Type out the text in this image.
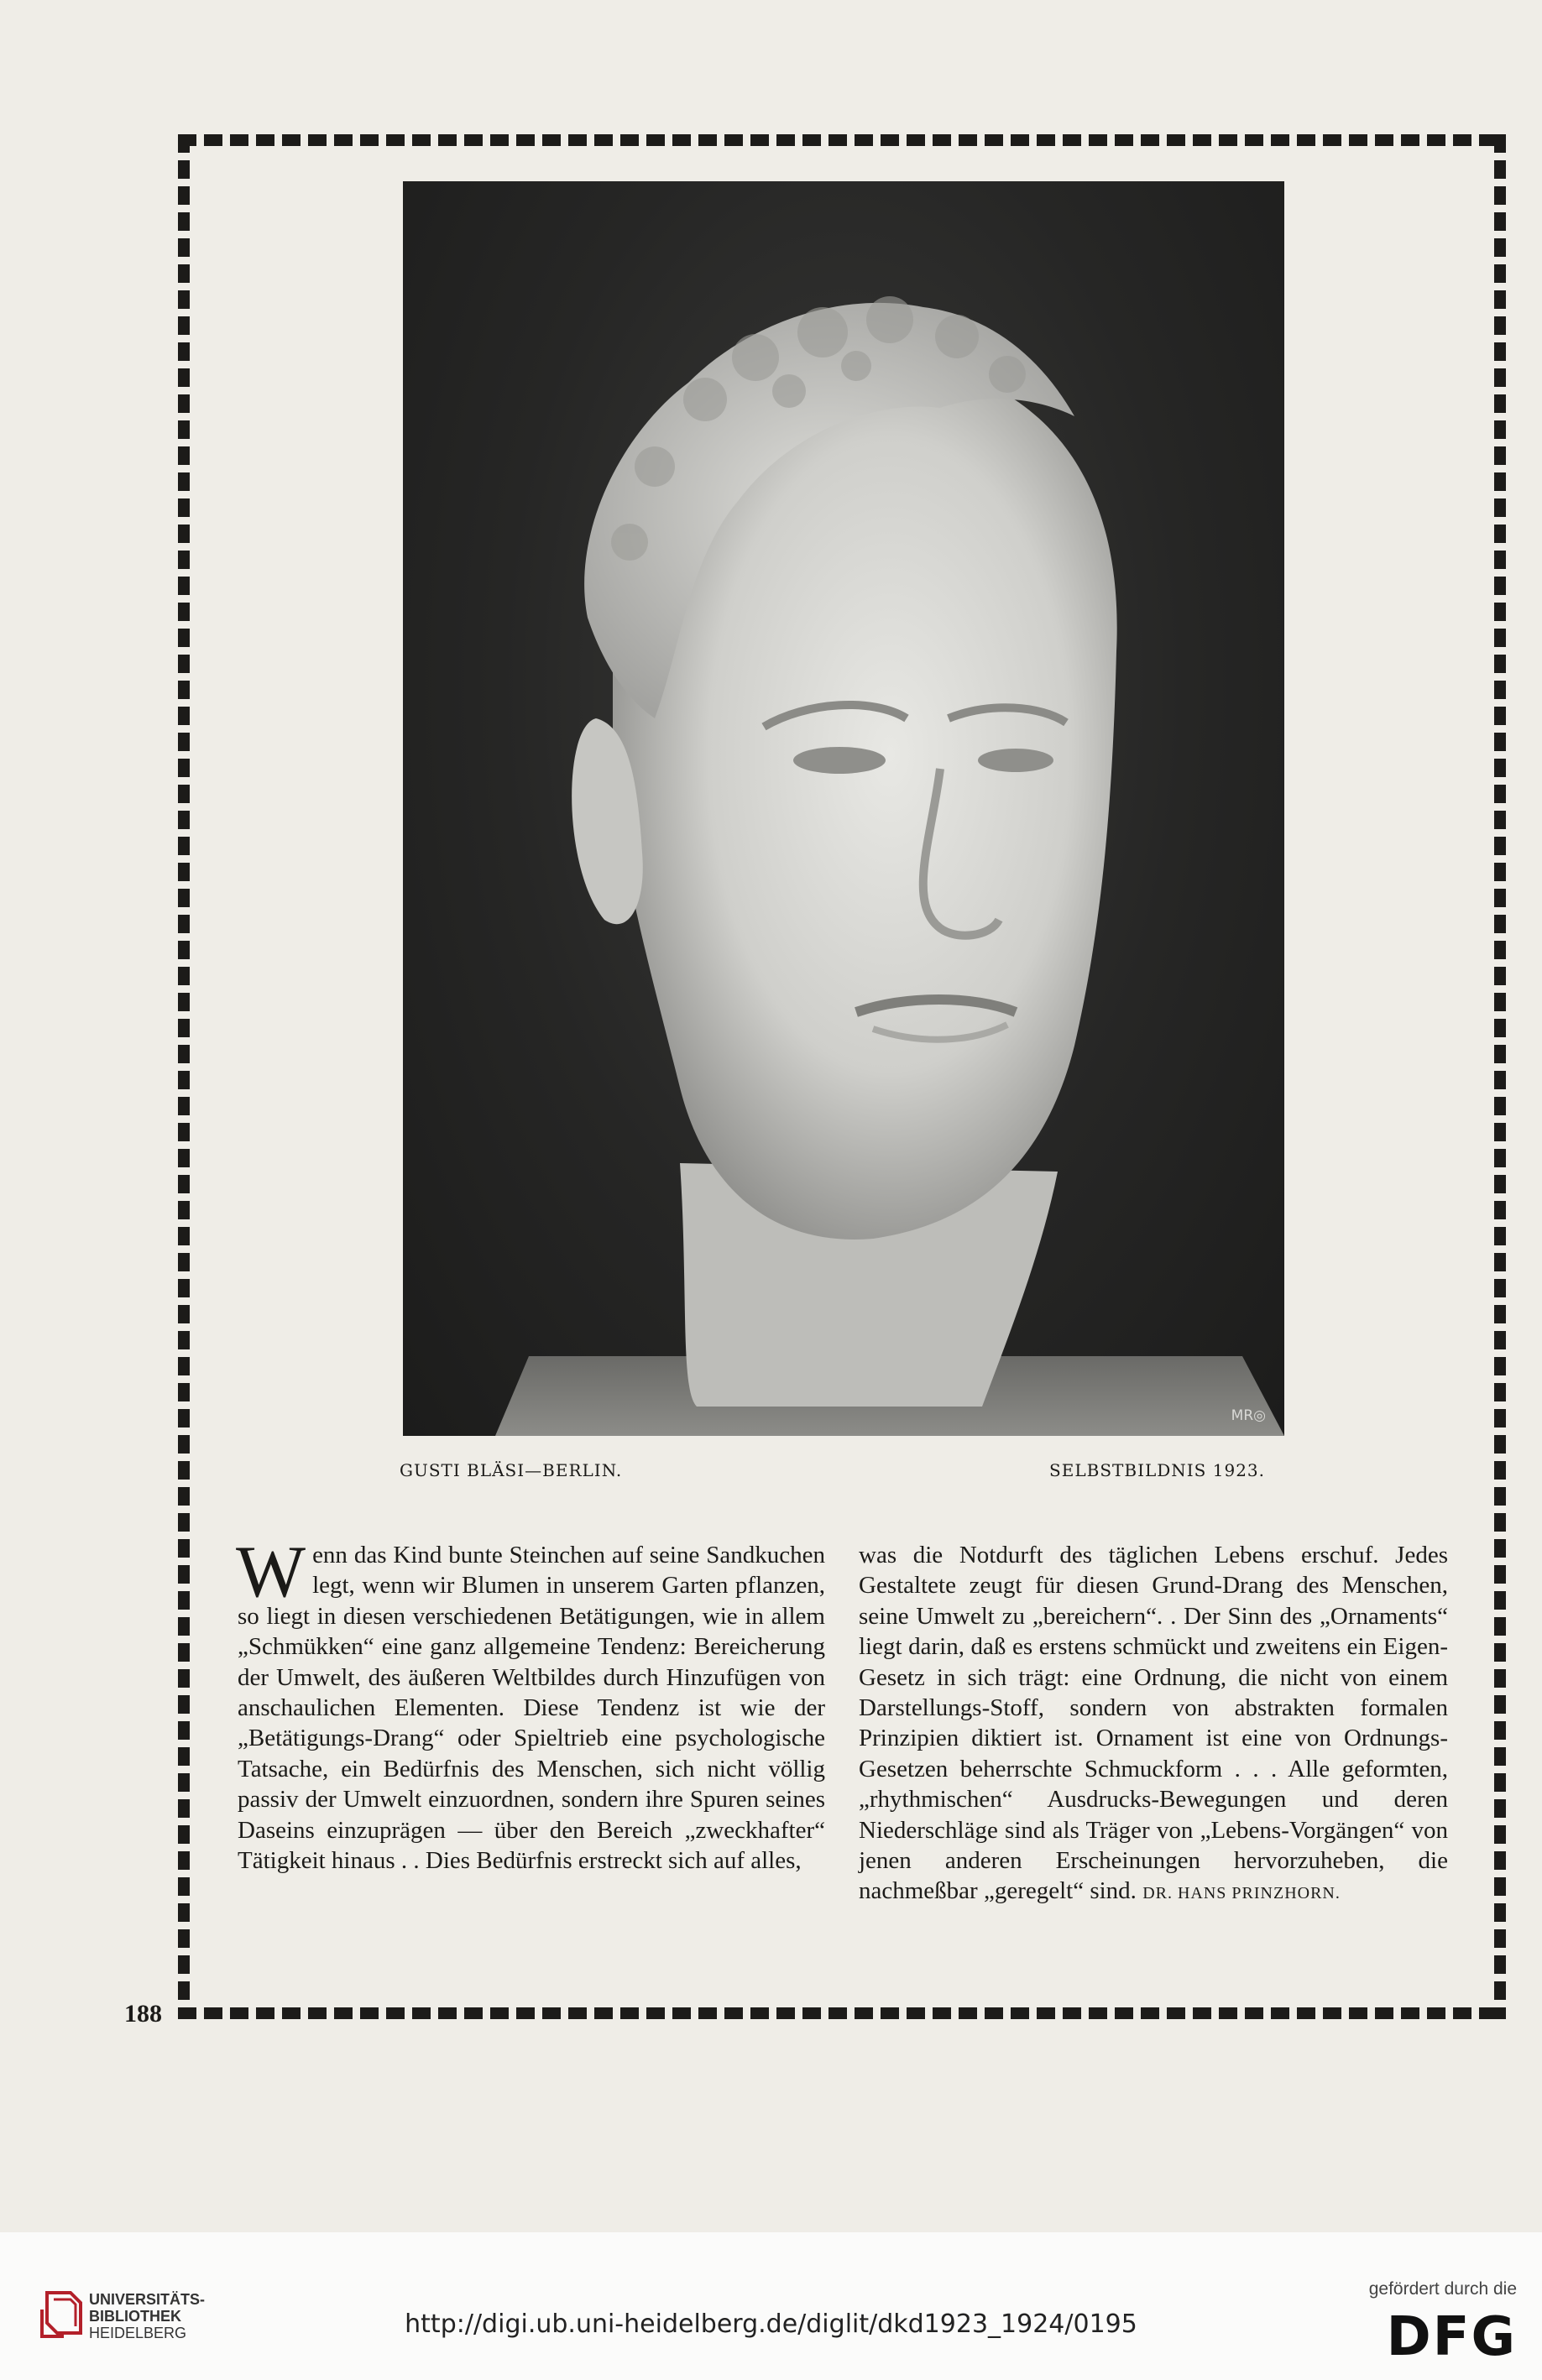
MR◎
GUSTI BLÄSI—BERLIN.	SELBSTBILDNIS 1923.
Wenn das Kind bunte Steinchen auf seine Sandkuchen legt, wenn wir Blumen in unserem Garten pflanzen, so liegt in diesen verschiedenen Betätigungen, wie in allem „Schmükken“ eine ganz allgemeine Tendenz: Bereicherung der Umwelt, des äußeren Weltbildes durch Hinzufügen von anschaulichen Elementen. Diese Tendenz ist wie der „Betätigungs-Drang“ oder Spieltrieb eine psychologische Tatsache, ein Bedürfnis des Menschen, sich nicht völlig passiv der Umwelt einzuordnen, sondern ihre Spuren seines Daseins einzuprägen — über den Bereich „zweckhafter“ Tätigkeit hinaus . . Dies Bedürfnis erstreckt sich auf alles,
was die Notdurft des täglichen Lebens erschuf. Jedes Gestaltete zeugt für diesen Grund-Drang des Menschen, seine Umwelt zu „bereichern“. . Der Sinn des „Ornaments“ liegt darin, daß es erstens schmückt und zweitens ein Eigen-Gesetz in sich trägt: eine Ordnung, die nicht von einem Darstellungs-Stoff, sondern von abstrakten formalen Prinzipien diktiert ist. Ornament ist eine von Ordnungs-Gesetzen beherrschte Schmuckform . . . Alle geformten, „rhythmischen“ Ausdrucks-Bewegungen und deren Niederschläge sind als Träger von „Lebens-Vorgängen“ von jenen anderen Erscheinungen hervorzuheben, die nachmeßbar „geregelt“ sind. DR. HANS PRINZHORN.
188
UNIVERSITÄTS-
BIBLIOTHEK
HEIDELBERG	http://digi.ub.uni-heidelberg.de/diglit/dkd1923_1924/0195
gefördert durch die
DFG
